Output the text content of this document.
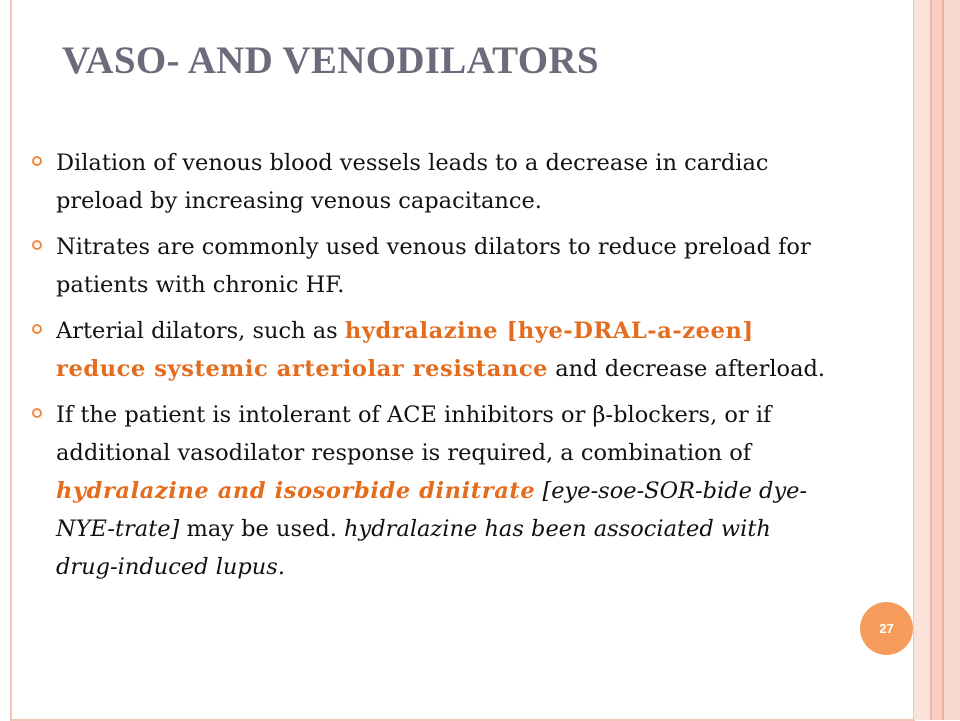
VASO- AND VENODILATORS
Dilation of venous blood vessels leads to a decrease in cardiac preload by increasing venous capacitance.
Nitrates are commonly used venous dilators to reduce preload for patients with chronic HF.
Arterial dilators, such as hydralazine [hye-DRAL-a-zeen] reduce systemic arteriolar resistance and decrease afterload.
If the patient is intolerant of ACE inhibitors or β-blockers, or if additional vasodilator response is required, a combination of hydralazine and isosorbide dinitrate [eye-soe-SOR-bide dye-NYE-trate] may be used. hydralazine has been associated with drug-induced lupus.
27
